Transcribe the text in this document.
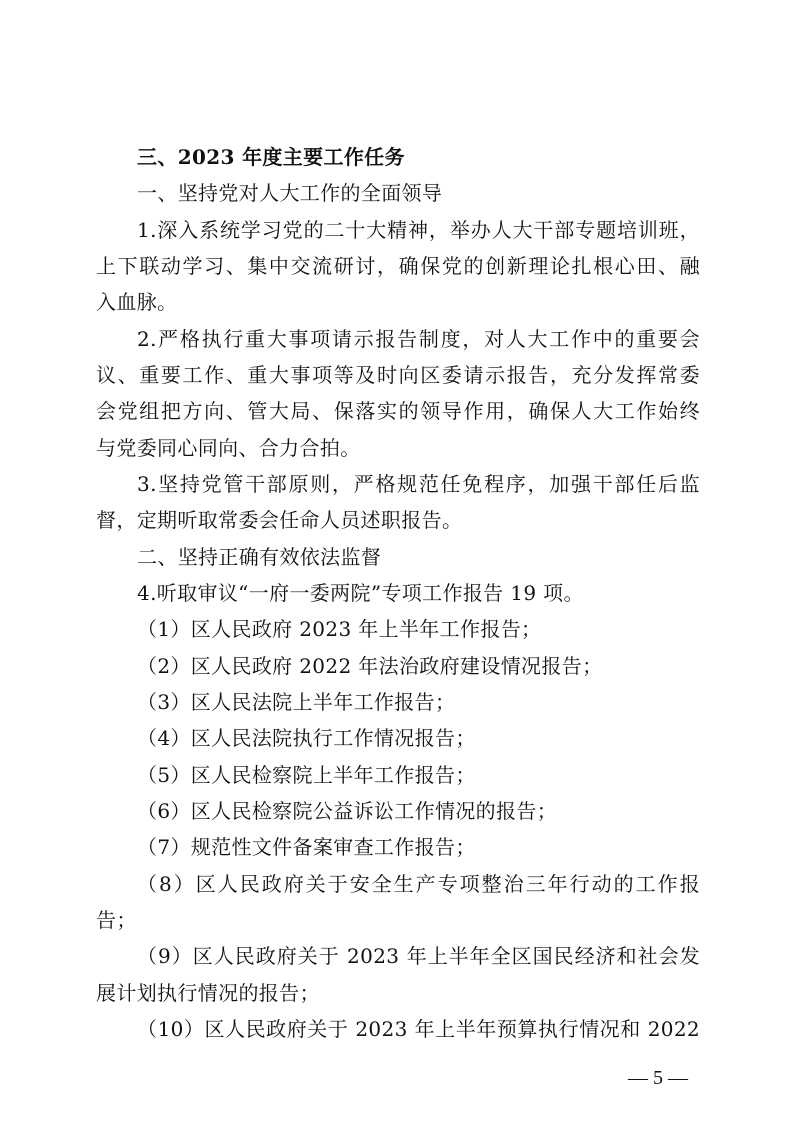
三、2023 年度主要工作任务
一、坚持党对人大工作的全面领导
1.深入系统学习党的二十大精神，举办人大干部专题培训班，
上下联动学习、集中交流研讨，确保党的创新理论扎根心田、融
入血脉。
2.严格执行重大事项请示报告制度，对人大工作中的重要会
议、重要工作、重大事项等及时向区委请示报告，充分发挥常委
会党组把方向、管大局、保落实的领导作用，确保人大工作始终
与党委同心同向、合力合拍。
3.坚持党管干部原则，严格规范任免程序，加强干部任后监
督，定期听取常委会任命人员述职报告。
二、坚持正确有效依法监督
4.听取审议“一府一委两院”专项工作报告 19 项。
（1）区人民政府 2023 年上半年工作报告；
（2）区人民政府 2022 年法治政府建设情况报告；
（3）区人民法院上半年工作报告；
（4）区人民法院执行工作情况报告；
（5）区人民检察院上半年工作报告；
（6）区人民检察院公益诉讼工作情况的报告；
（7）规范性文件备案审查工作报告；
（8）区人民政府关于安全生产专项整治三年行动的工作报
告；
（9）区人民政府关于 2023 年上半年全区国民经济和社会发
展计划执行情况的报告；
（10）区人民政府关于 2023 年上半年预算执行情况和 2022
— 5 —
